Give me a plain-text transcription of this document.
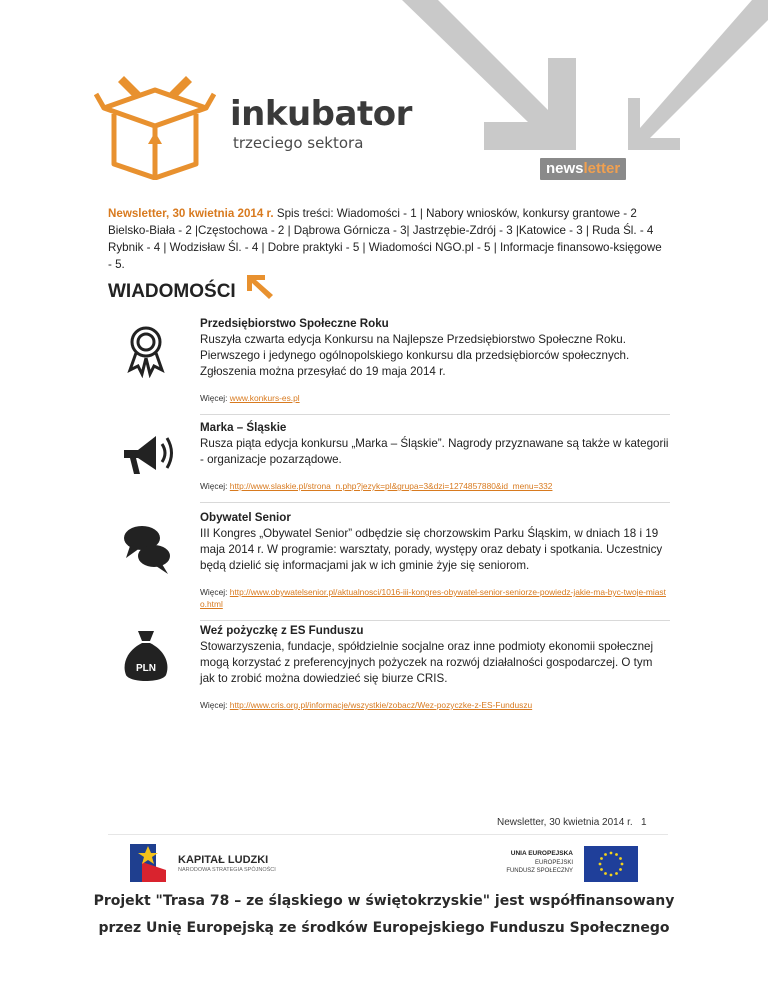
inkubator
trzeciego sektora
newsletter
Newsletter, 30 kwietnia 2014 r. Spis treści: Wiadomości - 1 | Nabory wniosków, konkursy grantowe - 2 Bielsko-Biała - 2 |Częstochowa - 2 | Dąbrowa Górnicza - 3| Jastrzębie-Zdrój - 3 |Katowice - 3 | Ruda Śl. - 4 Rybnik - 4 | Wodzisław Śl. - 4 | Dobre praktyki - 5 | Wiadomości NGO.pl - 5 | Informacje finansowo-księgowe - 5.
WIADOMOŚCI
Przedsiębiorstwo Społeczne Roku

Ruszyła czwarta edycja Konkursu na Najlepsze Przedsiębiorstwo Społeczne Roku. Pierwszego i jedynego ogólnopolskiego konkursu dla przedsiębiorców społecznych. Zgłoszenia można przesyłać do 19 maja 2014 r.

Więcej: www.konkurs-es.pl
Marka – Śląskie

Rusza piąta edycja konkursu „Marka – Śląskie”. Nagrody przyznawane są także w kategorii - organizacje pozarządowe.

Więcej: http://www.slaskie.pl/strona_n.php?jezyk=pl&grupa=3&dzi=1274857880&id_menu=332
Obywatel Senior

III Kongres „Obywatel Senior” odbędzie się chorzowskim Parku Śląskim, w dniach 18 i 19 maja 2014 r. W programie: warsztaty, porady, występy oraz debaty i spotkania. Uczestnicy będą dzielić się informacjami jak w ich gminie żyje się seniorom.

Więcej: http://www.obywatelsenior.pl/aktualnosci/1016-iii-kongres-obywatel-senior-seniorze-powiedz-jakie-ma-byc-twoje-miasto.html
PLN
Weź pożyczkę z ES Funduszu

Stowarzyszenia, fundacje, spółdzielnie socjalne oraz inne podmioty ekonomii społecznej mogą korzystać z preferencyjnych pożyczek na rozwój działalności gospodarczej. O tym jak to zrobić można dowiedzieć się biurze CRIS.

Więcej: http://www.cris.org.pl/informacje/wszystkie/zobacz/Wez-pozyczke-z-ES-Funduszu
Newsletter, 30 kwietnia 2014 r. 1
KAPITAŁ LUDZKI
NARODOWA STRATEGIA SPÓJNOŚCI
UNIA EUROPEJSKA
EUROPEJSKI
FUNDUSZ SPOŁECZNY
Projekt "Trasa 78 – ze śląskiego w świętokrzyskie" jest współfinansowany
przez Unię Europejską ze środków Europejskiego Funduszu Społecznego
